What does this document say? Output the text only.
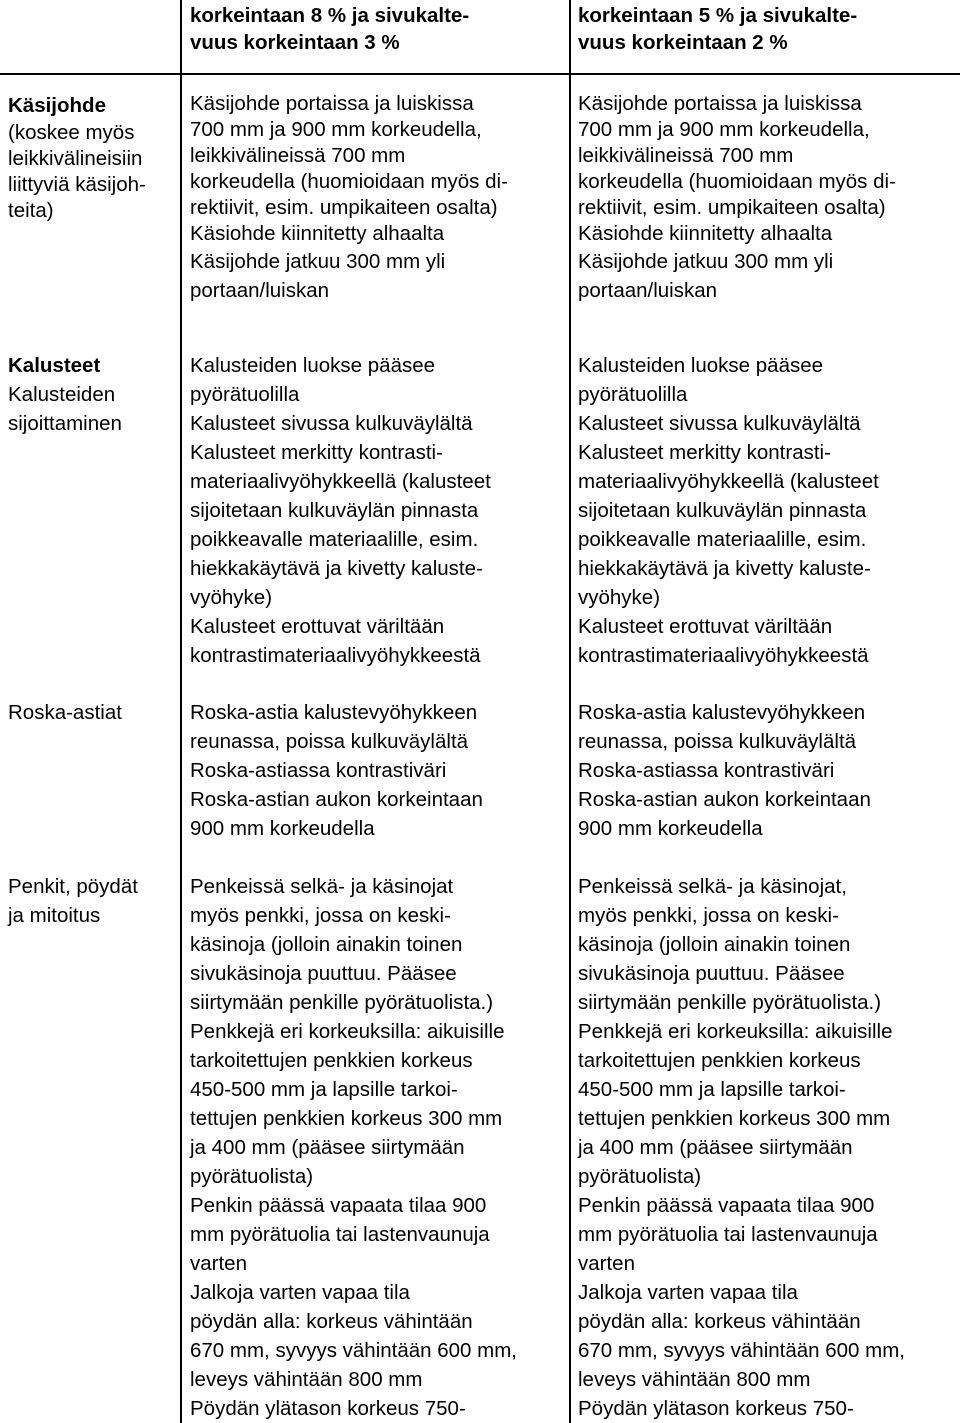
korkeintaan 8 % ja sivukalte-
vuus korkeintaan 3 %
korkeintaan 5 % ja sivukalte-
vuus korkeintaan 2 %
Käsijohde
(koskee myös
leikkivälineisiin
liittyviä käsijoh-
teita)
Käsijohde portaissa ja luiskissa
700 mm ja 900 mm korkeudella,
leikkivälineissä 700 mm
korkeudella (huomioidaan myös di-
rektiivit, esim. umpikaiteen osalta)
Käsiohde kiinnitetty alhaalta
Käsijohde jatkuu 300 mm yli
portaan/luiskan
Käsijohde portaissa ja luiskissa
700 mm ja 900 mm korkeudella,
leikkivälineissä 700 mm
korkeudella (huomioidaan myös di-
rektiivit, esim. umpikaiteen osalta)
Käsiohde kiinnitetty alhaalta
Käsijohde jatkuu 300 mm yli
portaan/luiskan
Kalusteet
Kalusteiden
sijoittaminen
Kalusteiden luokse pääsee
pyörätuolilla
Kalusteet sivussa kulkuväylältä
Kalusteet merkitty kontrasti-
materiaalivyöhykkeellä (kalusteet
sijoitetaan kulkuväylän pinnasta
poikkeavalle materiaalille, esim.
hiekkakäytävä ja kivetty kaluste-
vyöhyke)
Kalusteet erottuvat väriltään
kontrastimateriaalivyöhykkeestä
Kalusteiden luokse pääsee
pyörätuolilla
Kalusteet sivussa kulkuväylältä
Kalusteet merkitty kontrasti-
materiaalivyöhykkeellä (kalusteet
sijoitetaan kulkuväylän pinnasta
poikkeavalle materiaalille, esim.
hiekkakäytävä ja kivetty kaluste-
vyöhyke)
Kalusteet erottuvat väriltään
kontrastimateriaalivyöhykkeestä
Roska-astiat	Roska-astia kalustevyöhykkeen
reunassa, poissa kulkuväylältä
Roska-astiassa kontrastiväri
Roska-astian aukon korkeintaan
900 mm korkeudella
Roska-astia kalustevyöhykkeen
reunassa, poissa kulkuväylältä
Roska-astiassa kontrastiväri
Roska-astian aukon korkeintaan
900 mm korkeudella
Penkit, pöydät
ja mitoitus
Penkeissä selkä- ja käsinojat
myös penkki, jossa on keski-
käsinoja (jolloin ainakin toinen
sivukäsinoja puuttuu. Pääsee
siirtymään penkille pyörätuolista.)
Penkkejä eri korkeuksilla: aikuisille
tarkoitettujen penkkien korkeus
450-500 mm ja lapsille tarkoi-
tettujen penkkien korkeus 300 mm
ja 400 mm (pääsee siirtymään
pyörätuolista)
Penkin päässä vapaata tilaa 900
mm pyörätuolia tai lastenvaunuja
varten
Jalkoja varten vapaa tila
pöydän alla: korkeus vähintään
670 mm, syvyys vähintään 600 mm,
leveys vähintään 800 mm
Pöydän ylätason korkeus 750-
Penkeissä selkä- ja käsinojat,
myös penkki, jossa on keski-
käsinoja (jolloin ainakin toinen
sivukäsinoja puuttuu. Pääsee
siirtymään penkille pyörätuolista.)
Penkkejä eri korkeuksilla: aikuisille
tarkoitettujen penkkien korkeus
450-500 mm ja lapsille tarkoi-
tettujen penkkien korkeus 300 mm
ja 400 mm (pääsee siirtymään
pyörätuolista)
Penkin päässä vapaata tilaa 900
mm pyörätuolia tai lastenvaunuja
varten
Jalkoja varten vapaa tila
pöydän alla: korkeus vähintään
670 mm, syvyys vähintään 600 mm,
leveys vähintään 800 mm
Pöydän ylätason korkeus 750-
